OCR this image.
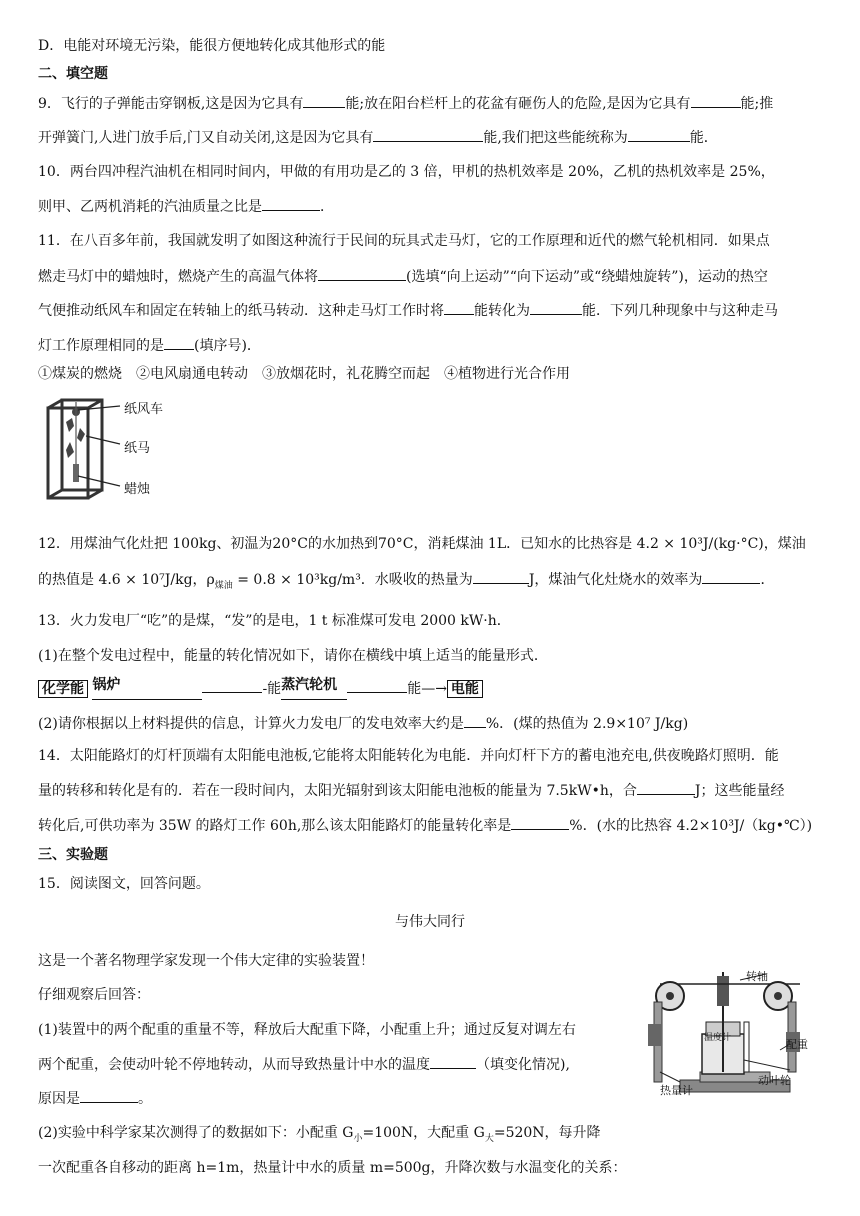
D．电能对环境无污染，能很方便地转化成其他形式的能
二、填空题
9．飞行的子弹能击穿钢板,这是因为它具有	能;放在阳台栏杆上的花盆有砸伤人的危险,是因为它具有	能;推
开弹簧门,人进门放手后,门又自动关闭,这是因为它具有	能,我们把这些能统称为	能．
10．两台四冲程汽油机在相同时间内，甲做的有用功是乙的 3 倍，甲机的热机效率是 20%，乙机的热机效率是 25%，
则甲、乙两机消耗的汽油质量之比是	．
11．在八百多年前，我国就发明了如图这种流行于民间的玩具式走马灯，它的工作原理和近代的燃气轮机相同．如果点
燃走马灯中的蜡烛时，燃烧产生的高温气体将	(选填“向上运动”“向下运动”或“绕蜡烛旋转”)，运动的热空
气便推动纸风车和固定在转轴上的纸马转动．这种走马灯工作时将 能转化为	能．下列几种现象中与这种走马
灯工作原理相同的是 (填序号)．
①煤炭的燃烧　②电风扇通电转动　③放烟花时，礼花腾空而起　④植物进行光合作用
纸风车
纸马
蜡烛
12．用煤油气化灶把 100kg、初温为20°C的水加热到70°C，消耗煤油 1L．已知水的比热容是 4.2 × 10³J/(kg·°C)，煤油
的热值是 4.6 × 10⁷J/kg，$\rho_{煤油} = 0.8 \times 10^3kg/m^3$．水吸收的热量为	J，煤油气化灶烧水的效率为	．
13．火力发电厂“吃”的是煤，“发”的是电，1 t 标准煤可发电 2000 kW·h．
(1)在整个发电过程中，能量的转化情况如下，请你在横线中填上适当的能量形式．
化学能 锅炉	-能 蒸汽轮机	能—→ 电能
(2)请你根据以上材料提供的信息，计算火力发电厂的发电效率大约是 %．(煤的热值为 2.9×10⁷ J/kg)
14．太阳能路灯的灯杆顶端有太阳能电池板,它能将太阳能转化为电能．并向灯杆下方的蓄电池充电,供夜晚路灯照明．能
量的转移和转化是有的．若在一段时间内，太阳光辐射到该太阳能电池板的能量为 7.5kW•h，合	J；这些能量经
转化后,可供功率为 35W 的路灯工作 60h,那么该太阳能路灯的能量转化率是	%．(水的比热容 4.2×10³J/（kg•℃）)
三、实验题
15．阅读图文，回答问题。
与伟大同行
这是一个著名物理学家发现一个伟大定律的实验装置！
仔细观察后回答：
(1)装置中的两个配重的重量不等，释放后大配重下降，小配重上升；通过反复对调左右
两个配重，会使动叶轮不停地转动，从而导致热量计中水的温度	（填变化情况),
原因是	。
(2)实验中科学家某次测得了的数据如下：小配重 $G_小=100N$，大配重 $G_大=520N$，每升降
一次配重各自移动的距离 h=1m，热量计中水的质量 m=500g，升降次数与水温变化的关系：
转轴
配重
温度计
热量计
动叶轮
